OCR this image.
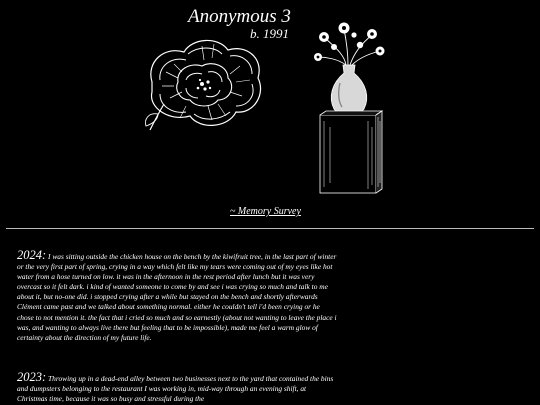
Anonymous 3
b. 1991
~ Memory Survey

2024: I was sitting outside the chicken house on the bench by the kiwifruit tree, in the last part of winter or the very first part of spring, crying in a way which felt like my tears were coming out of my eyes like hot water from a hose turned on low. it was in the afternoon in the rest period after lunch but it was very overcast so it felt dark. i kind of wanted someone to come by and see i was crying so much and talk to me about it, but no-one did. i stopped crying after a while but stayed on the bench and shortly afterwards Clément came past and we talked about something normal. either he couldn't tell i'd been crying or he chose to not mention it. the fact that i cried so much and so earnestly (about not wanting to leave the place i was, and wanting to always live there but feeling that to be impossible), made me feel a warm glow of certainty about the direction of my future life.

2023: Throwing up in a dead-end alley between two businesses next to the yard that contained the bins and dumpsters belonging to the restaurant I was working in, mid-way through an evening shift, at Christmas time, because it was so busy and stressful during the
